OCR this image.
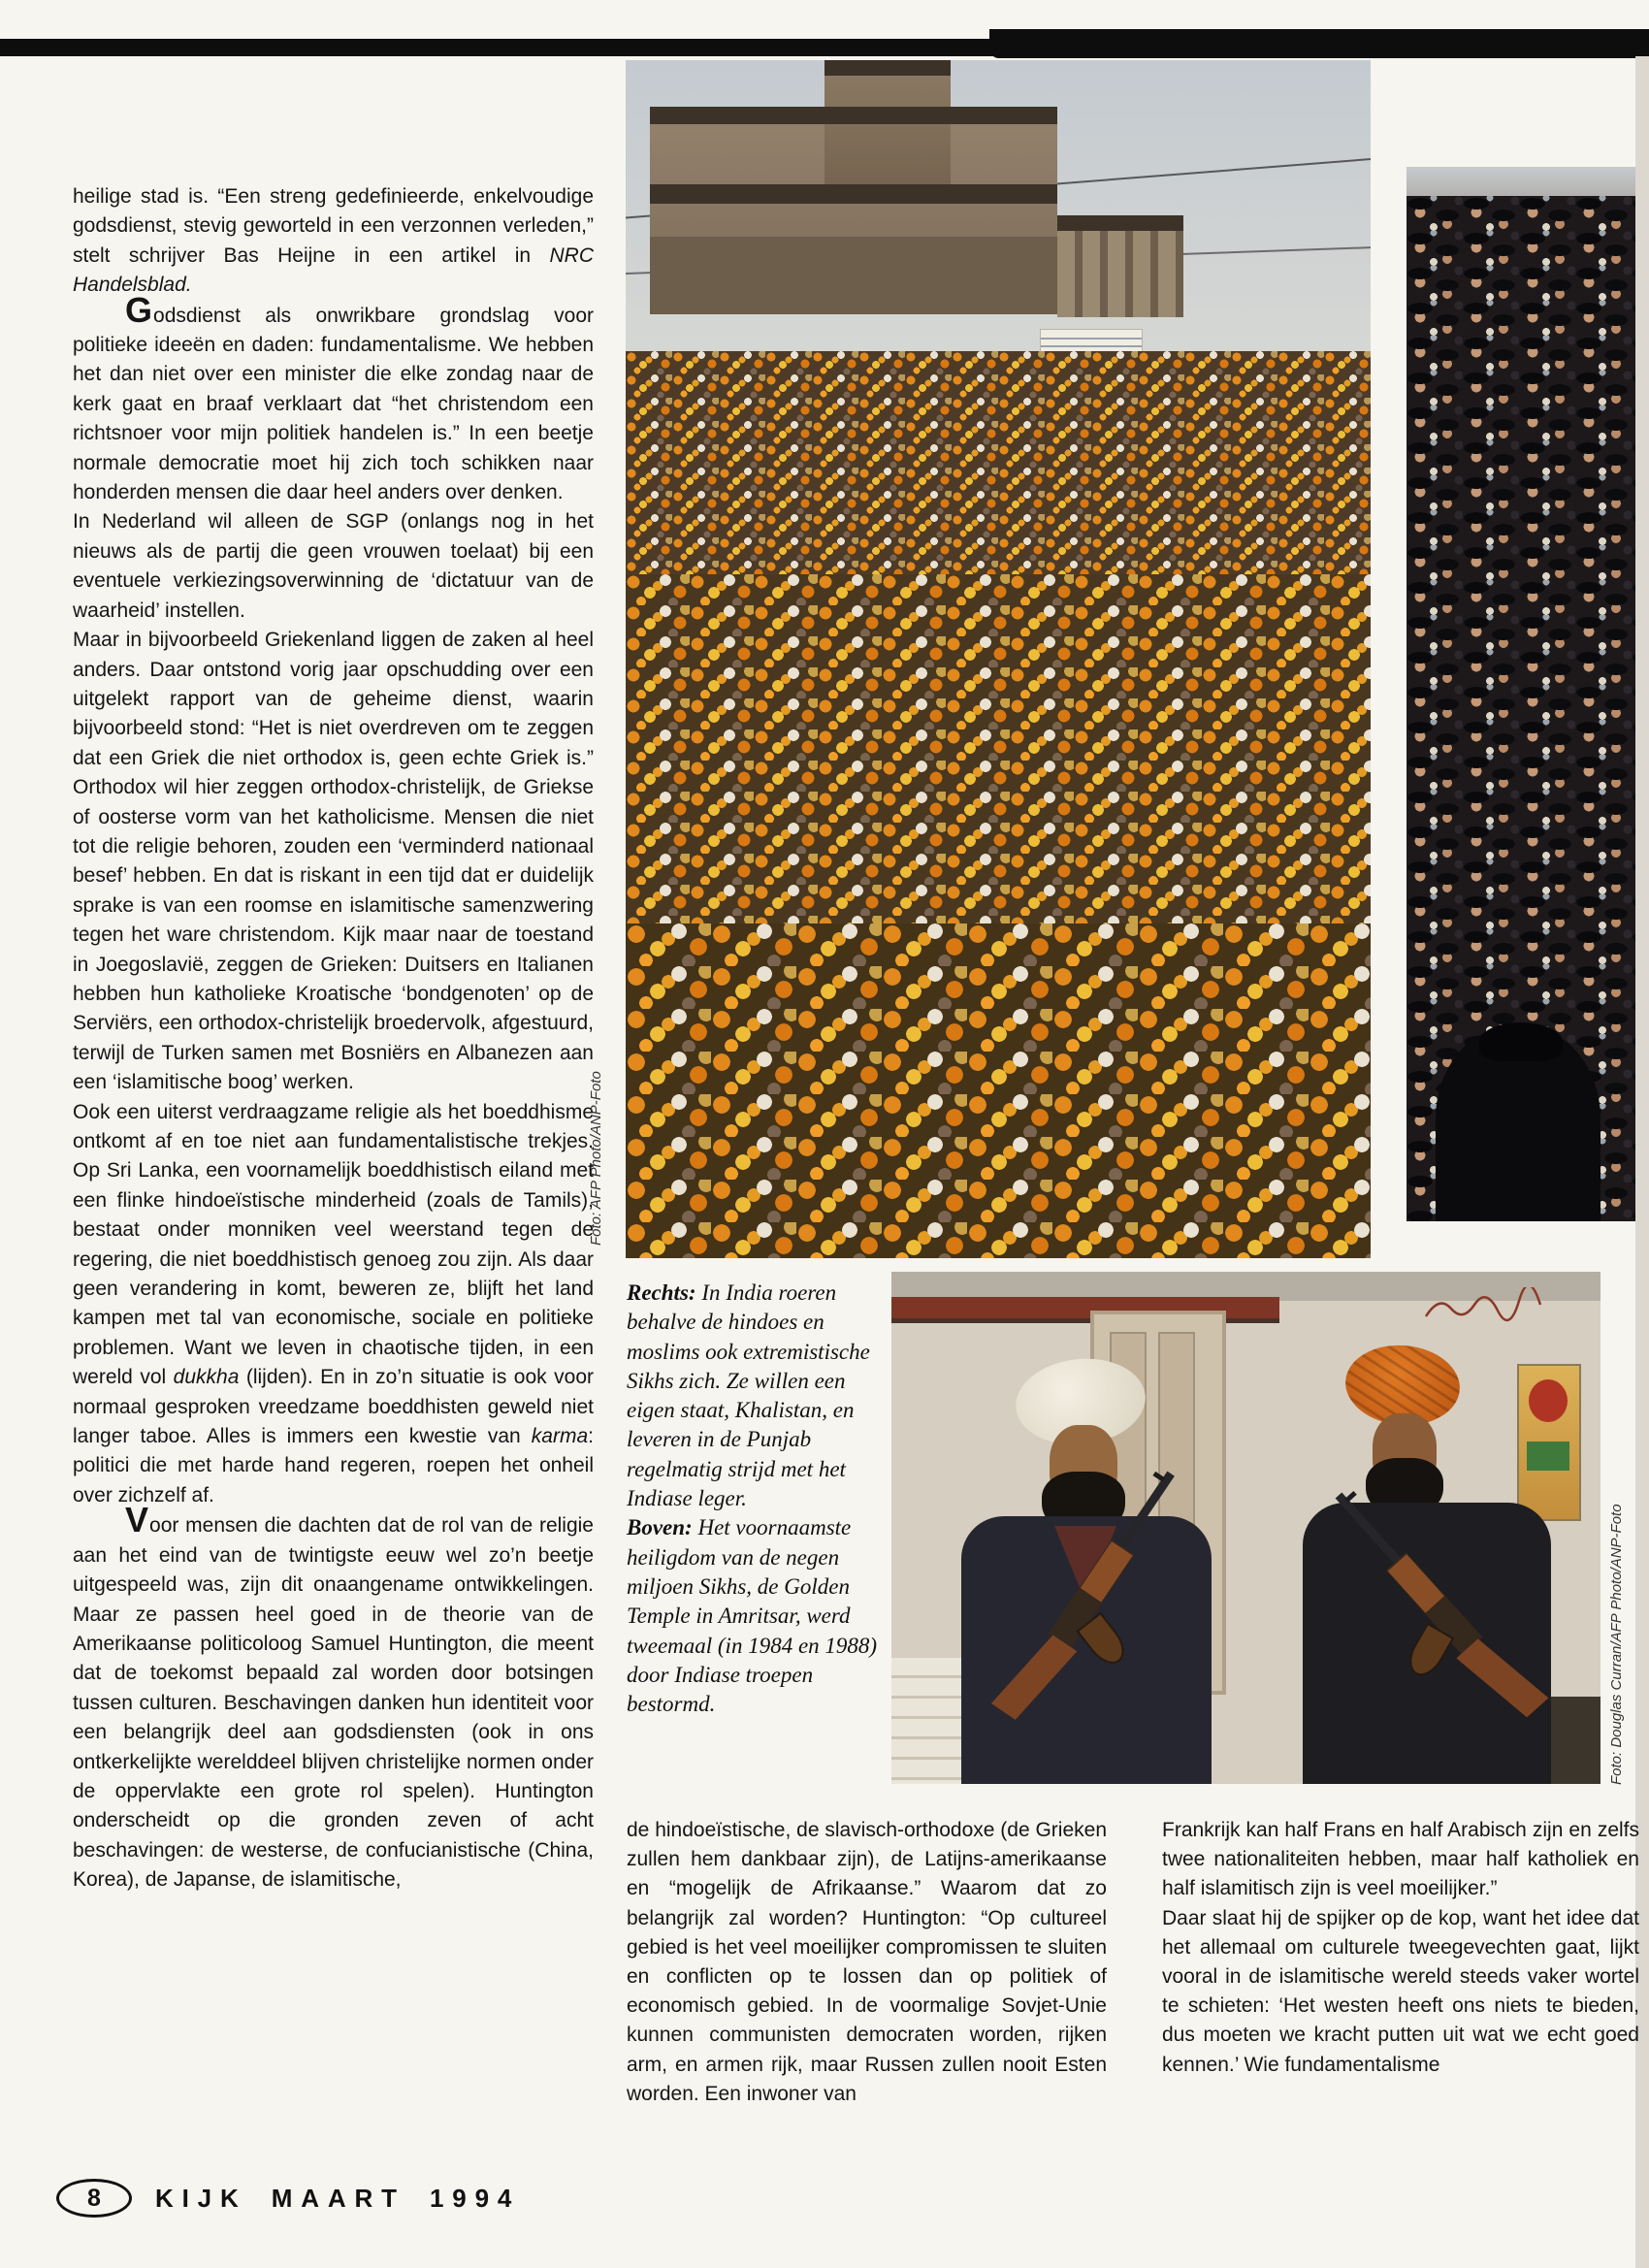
heilige stad is. “Een streng gedefinieerde, enkelvoudige godsdienst, stevig geworteld in een verzonnen verleden,” stelt schrijver Bas Heijne in een artikel in NRC Handelsblad.

Godsdienst als onwrikbare grondslag voor politieke ideeën en daden: fundamentalisme. We hebben het dan niet over een minister die elke zondag naar de kerk gaat en braaf verklaart dat “het christendom een richtsnoer voor mijn politiek handelen is.” In een beetje normale democratie moet hij zich toch schikken naar honderden mensen die daar heel anders over denken.

In Nederland wil alleen de SGP (onlangs nog in het nieuws als de partij die geen vrouwen toelaat) bij een eventuele verkiezingsoverwinning de ‘dictatuur van de waarheid’ instellen.

Maar in bijvoorbeeld Griekenland liggen de zaken al heel anders. Daar ontstond vorig jaar opschudding over een uitgelekt rapport van de geheime dienst, waarin bijvoorbeeld stond: “Het is niet overdreven om te zeggen dat een Griek die niet orthodox is, geen echte Griek is.” Orthodox wil hier zeggen orthodox-christelijk, de Griekse of oosterse vorm van het katholicisme. Mensen die niet tot die religie behoren, zouden een ‘verminderd nationaal besef’ hebben. En dat is riskant in een tijd dat er duidelijk sprake is van een roomse en islamitische samenzwering tegen het ware christendom. Kijk maar naar de toestand in Joegoslavië, zeggen de Grieken: Duitsers en Italianen hebben hun katholieke Kroatische ‘bondgenoten’ op de Serviërs, een orthodox-christelijk broedervolk, afgestuurd, terwijl de Turken samen met Bosniërs en Albanezen aan een ‘islamitische boog’ werken.

Ook een uiterst verdraagzame religie als het boeddhisme ontkomt af en toe niet aan fundamentalistische trekjes. Op Sri Lanka, een voornamelijk boeddhistisch eiland met een flinke hindoeïstische minderheid (zoals de Tamils), bestaat onder monniken veel weerstand tegen de regering, die niet boeddhistisch genoeg zou zijn. Als daar geen verandering in komt, beweren ze, blijft het land kampen met tal van economische, sociale en politieke problemen. Want we leven in chaotische tijden, in een wereld vol dukkha (lijden). En in zo’n situatie is ook voor normaal gesproken vreedzame boeddhisten geweld niet langer taboe. Alles is immers een kwestie van karma: politici die met harde hand regeren, roepen het onheil over zichzelf af.

Voor mensen die dachten dat de rol van de religie aan het eind van de twintigste eeuw wel zo’n beetje uitgespeeld was, zijn dit onaangename ontwikkelingen. Maar ze passen heel goed in de theorie van de Amerikaanse politicoloog Samuel Huntington, die meent dat de toekomst bepaald zal worden door botsingen tussen culturen. Beschavingen danken hun identiteit voor een belangrijk deel aan godsdiensten (ook in ons ontkerkelijkte werelddeel blijven christelijke normen onder de oppervlakte een grote rol spelen). Huntington onderscheidt op die gronden zeven of acht beschavingen: de westerse, de confucianistische (China, Korea), de Japanse, de islamitische,

Foto: AFP Photo/ANP-Foto
Rechts: In India roeren behalve de hindoes en moslims ook extremistische Sikhs zich. Ze willen een eigen staat, Khalistan, en leveren in de Punjab regelmatig strijd met het Indiase leger.
Boven: Het voornaamste heiligdom van de negen miljoen Sikhs, de Golden Temple in Amritsar, werd tweemaal (in 1984 en 1988) door Indiase troepen bestormd.	Foto: Douglas Curran/AFP Photo/ANP-Foto

de hindoeïstische, de slavisch-orthodoxe (de Grieken zullen hem dankbaar zijn), de Latijns-amerikaanse en “mogelijk de Afrikaanse.” Waarom dat zo belangrijk zal worden? Huntington: “Op cultureel gebied is het veel moeilijker compromissen te sluiten en conflicten op te lossen dan op politiek of economisch gebied. In de voormalige Sovjet-Unie kunnen communisten democraten worden, rijken arm, en armen rijk, maar Russen zullen nooit Esten worden. Een inwoner van

Frankrijk kan half Frans en half Arabisch zijn en zelfs twee nationaliteiten hebben, maar half katholiek en half islamitisch zijn is veel moeilijker.”

Daar slaat hij de spijker op de kop, want het idee dat het allemaal om culturele tweegevechten gaat, lijkt vooral in de islamitische wereld steeds vaker wortel te schieten: ‘Het westen heeft ons niets te bieden, dus moeten we kracht putten uit wat we echt goed kennen.’ Wie fundamentalisme

8 KIJK MAART 1994
